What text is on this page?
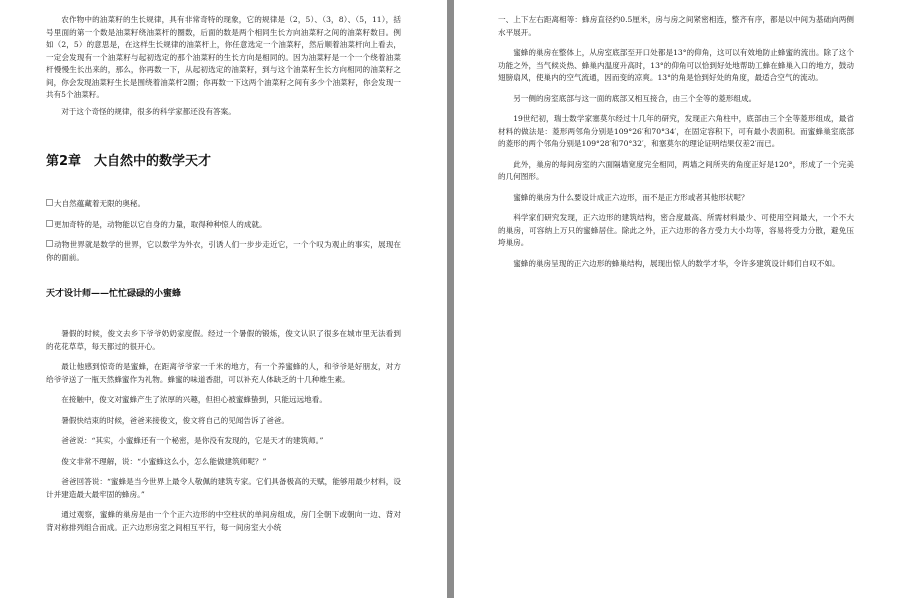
农作物中的油菜籽的生长规律，具有非常奇特的现象，它的规律是（2，5）、（3，8）、（5，11），括号里面的第一个数是油菜籽绕油菜杆的圈数，后面的数是两个相同生长方向油菜籽之间的油菜籽数目。例如（2，5）的意思是，在这样生长规律的油菜杆上，你任意选定一个油菜籽，然后顺着油菜杆向上看去，一定会发现有一个油菜籽与起初选定的那个油菜籽的生长方向是相同的。因为油菜籽是一个一个绕着油菜杆慢慢生长出来的，那么，你再数一下，从起初选定的油菜籽，到与这个油菜籽生长方向相同的油菜籽之间，你会发现油菜籽生长是围绕着油菜杆2圈；你再数一下这两个油菜籽之间有多少个油菜籽，你会发现一共有5个油菜籽。

对于这个奇怪的规律，很多的科学家都还没有答案。

第2章　大自然中的数学天才

大自然蕴藏着无限的奥秘。

更加奇特的是，动物能以它自身的力量，取得种种惊人的成就。

动物世界就是数学的世界，它以数学为外衣，引诱人们一步步走近它，一个个叹为观止的事实，展现在你的面前。

天才设计师——忙忙碌碌的小蜜蜂

暑假的时候，俊文去乡下爷爷奶奶家度假。经过一个暑假的锻炼，俊文认识了很多在城市里无法看到的花花草草，每天都过的很开心。

最让他感到惊奇的是蜜蜂，在距离爷爷家一千米的地方，有一个养蜜蜂的人，和爷爷是好朋友，对方给爷爷送了一瓶天然蜂蜜作为礼物。蜂蜜的味道香甜，可以补充人体缺乏的十几种维生素。

在接触中，俊文对蜜蜂产生了浓厚的兴趣，但担心被蜜蜂蛰到，只能远远地看。

暑假快结束的时候，爸爸来接俊文，俊文将自己的见闻告诉了爸爸。

爸爸说：“其实，小蜜蜂还有一个秘密，是你没有发现的，它是天才的建筑师。”

俊文非常不理解，说：“小蜜蜂这么小，怎么能做建筑师呢？”

爸爸回答说：“蜜蜂是当今世界上最令人敬佩的建筑专家。它们具备极高的天赋，能够用最少材料，设计并建造最大最牢固的蜂房。”

通过观察，蜜蜂的巢房是由一个个正六边形的中空柱状的单间房组成，房门全朝下或朝向一边、背对背对称排列组合而成。正六边形房室之间相互平行，每一间房室大小统

一、上下左右距离相等：蜂房直径约0.5厘米，房与房之间紧密相连，整齐有序，都是以中间为基础向两侧水平展开。

蜜蜂的巢房在整体上，从房室底部至开口处都是13°的仰角，这可以有效地防止蜂蜜的流出。除了这个功能之外，当气候炎热、蜂巢内温度升高时，13°的仰角可以恰到好处地帮助工蜂在蜂巢入口的地方，鼓动翅膀扇风，使巢内的空气流通，因而变的凉爽。13°的角是恰到好处的角度，最适合空气的流动。

另一侧的房室底部与这一面的底部又相互接合，由三个全等的菱形组成。

19世纪初，瑞士数学家塞莫尔经过十几年的研究，发现正六角柱中，底部由三个全等菱形组成，最省材料的做法是：菱形两邻角分别是109°26′和70°34′，在固定容积下，可有最小表面积。而蜜蜂巢室底部的菱形的两个邻角分别是109°28′和70°32′，和塞莫尔的理论证明结果仅差2′而已。

此外，巢房的每间房室的六面隔墙宽度完全相同，两墙之间所夹的角度正好是120°，形成了一个完美的几何图形。

蜜蜂的巢房为什么要设计成正六边形，而不是正方形或者其他形状呢？

科学家们研究发现，正六边形的建筑结构，密合度最高、所需材料最少、可使用空间最大，一个不大的巢房，可容纳上万只的蜜蜂居住。除此之外，正六边形的各方受力大小均等，容易将受力分散，避免压垮巢房。

蜜蜂的巢房呈现的正六边形的蜂巢结构，展现出惊人的数学才华，令许多建筑设计师们自叹不如。
